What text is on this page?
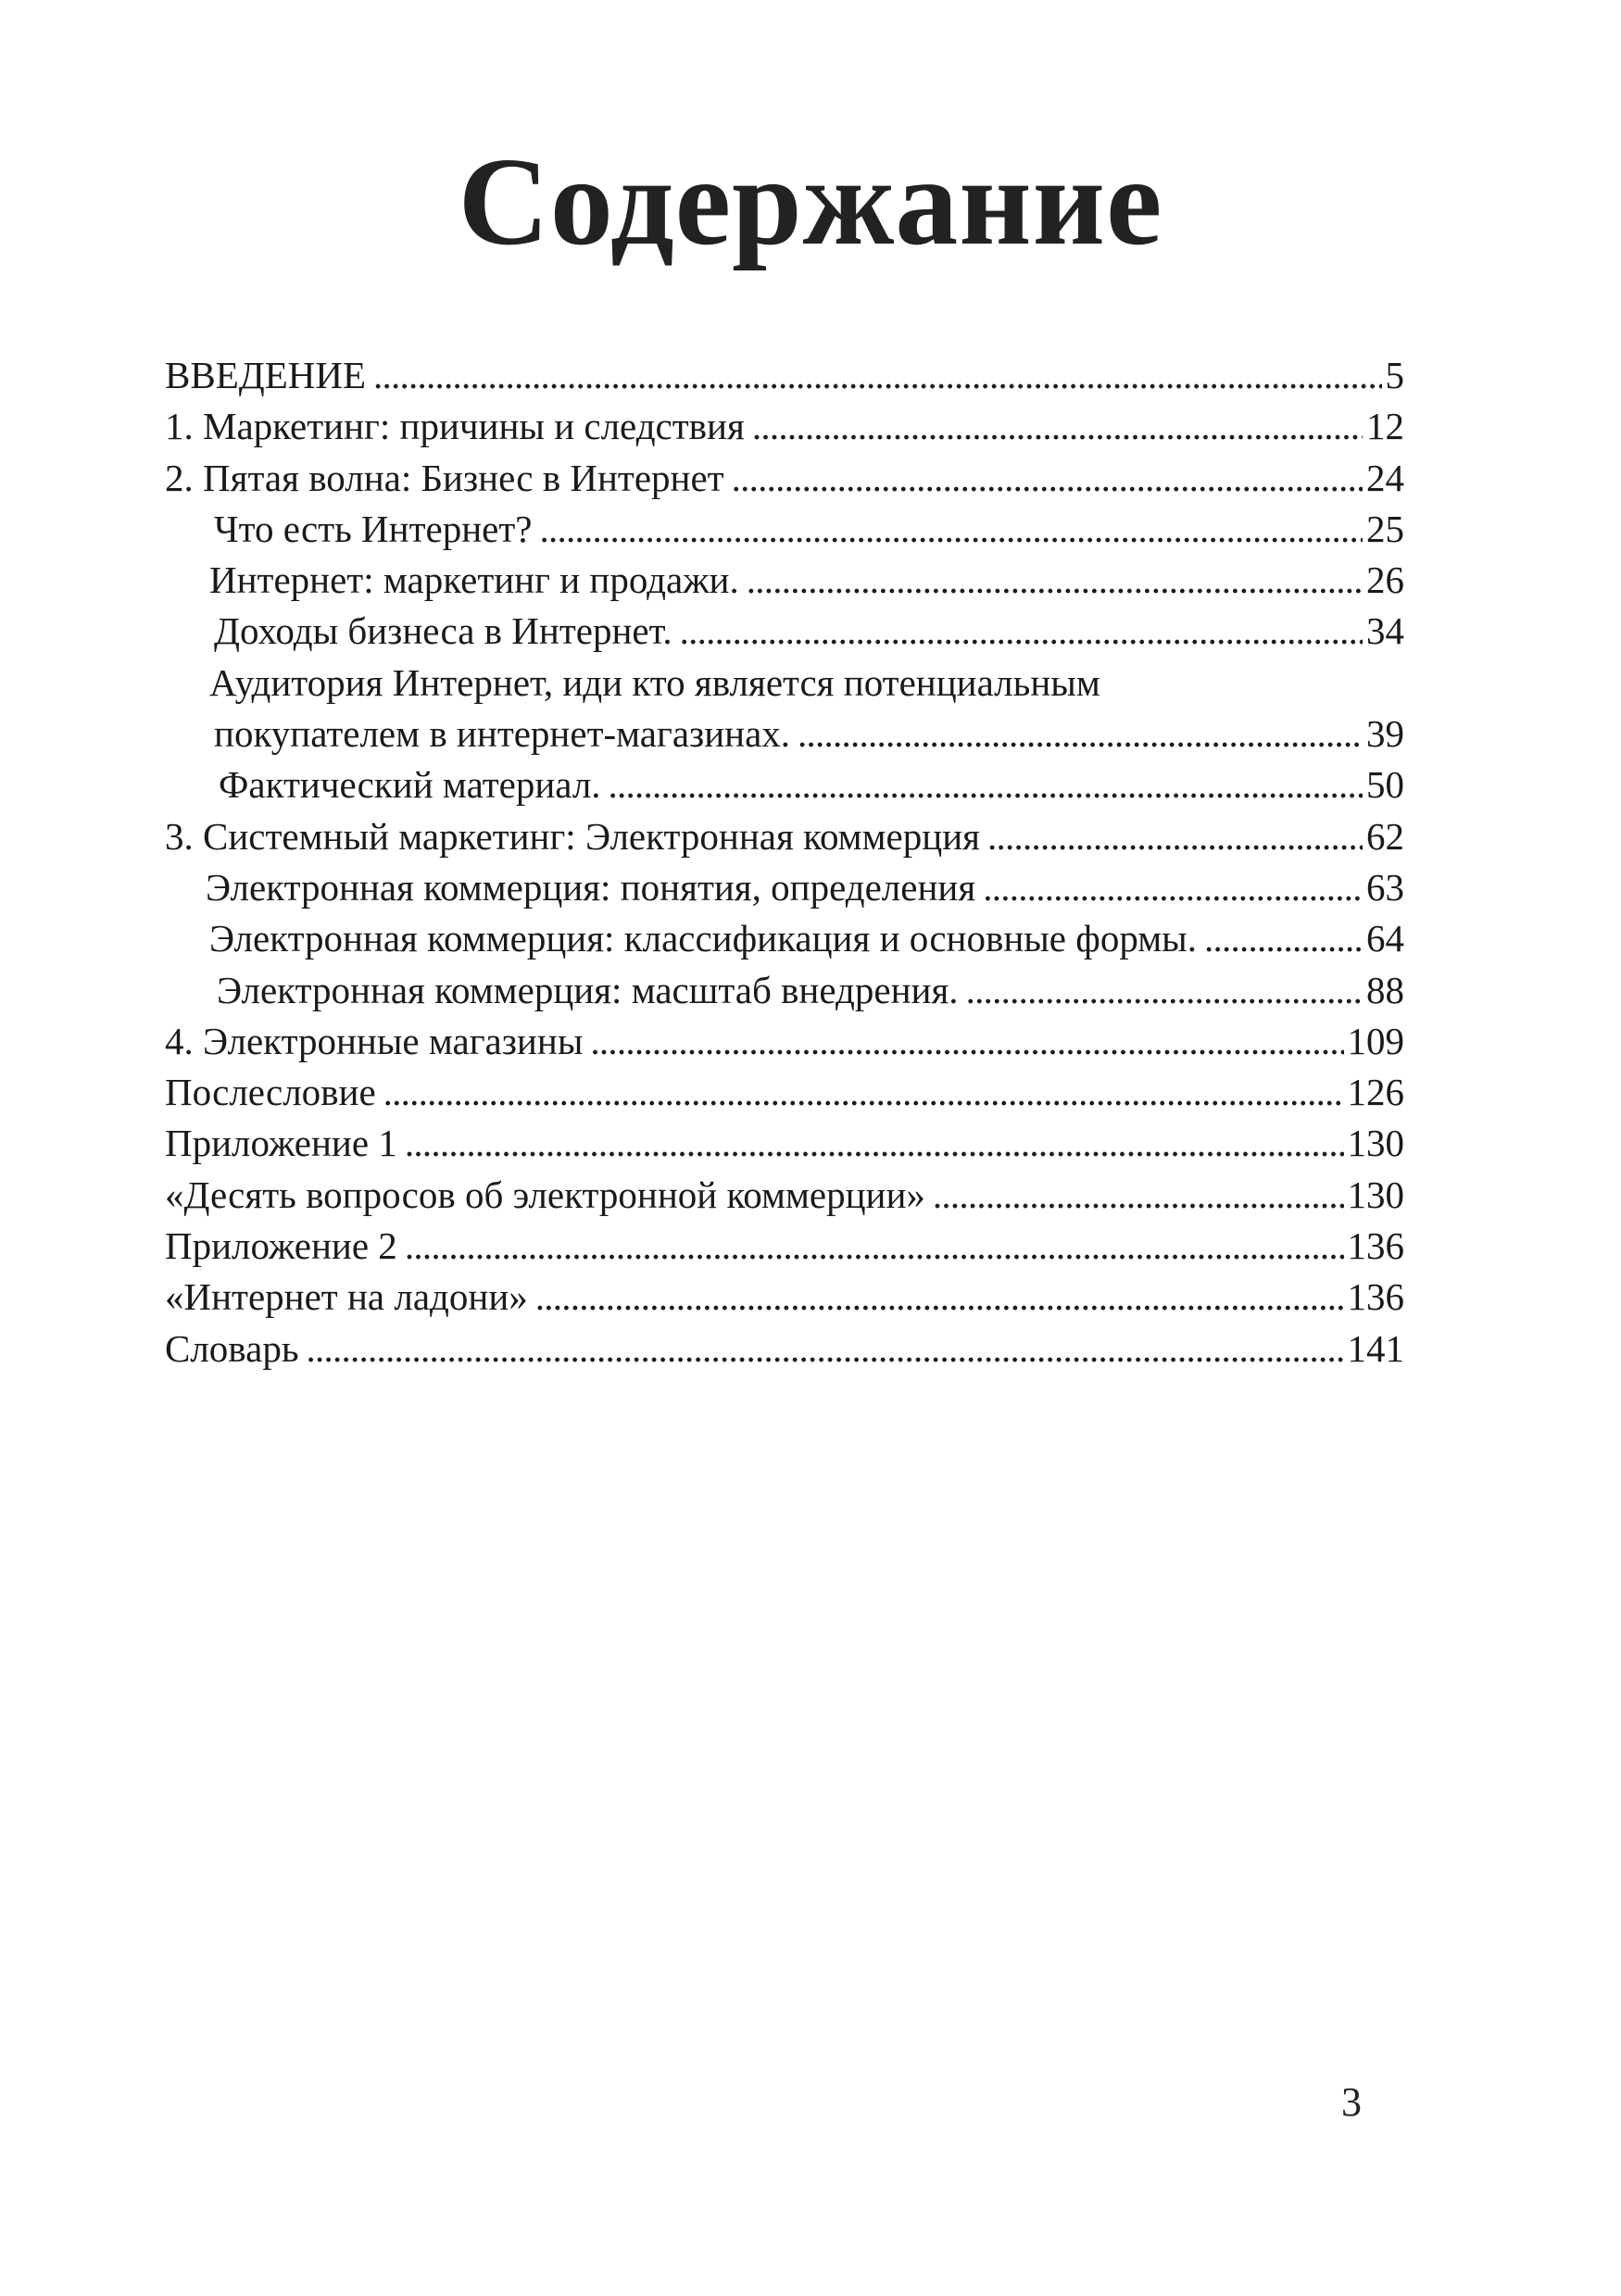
Содержание
ВВЕДЕНИЕ . . .	5
1. Маркетинг: причины и следствия . . .	12
2. Пятая волна: Бизнес в Интернет . . .	24
Что есть Интернет? . . .	25
Интернет: маркетинг и продажи. . . .	26
Доходы бизнеса в Интернет. . . .	34
Аудитория Интернет, иди кто является потенциальным
покупателем в интернет-магазинах. . . .	39
Фактический материал. . . .	50
3. Системный маркетинг: Электронная коммерция . . .	62
Электронная коммерция: понятия, определения . . .	63
Электронная коммерция: классификация и основные формы. . . .	64
Электронная коммерция: масштаб внедрения. . . .	88
4. Электронные магазины . . .	109
Послесловие . . .	126
Приложение 1 . . .	130
«Десять вопросов об электронной коммерции» . . .	130
Приложение 2 . . .	136
«Интернет на ладони» . . .	136
Словарь . . .	141
3
